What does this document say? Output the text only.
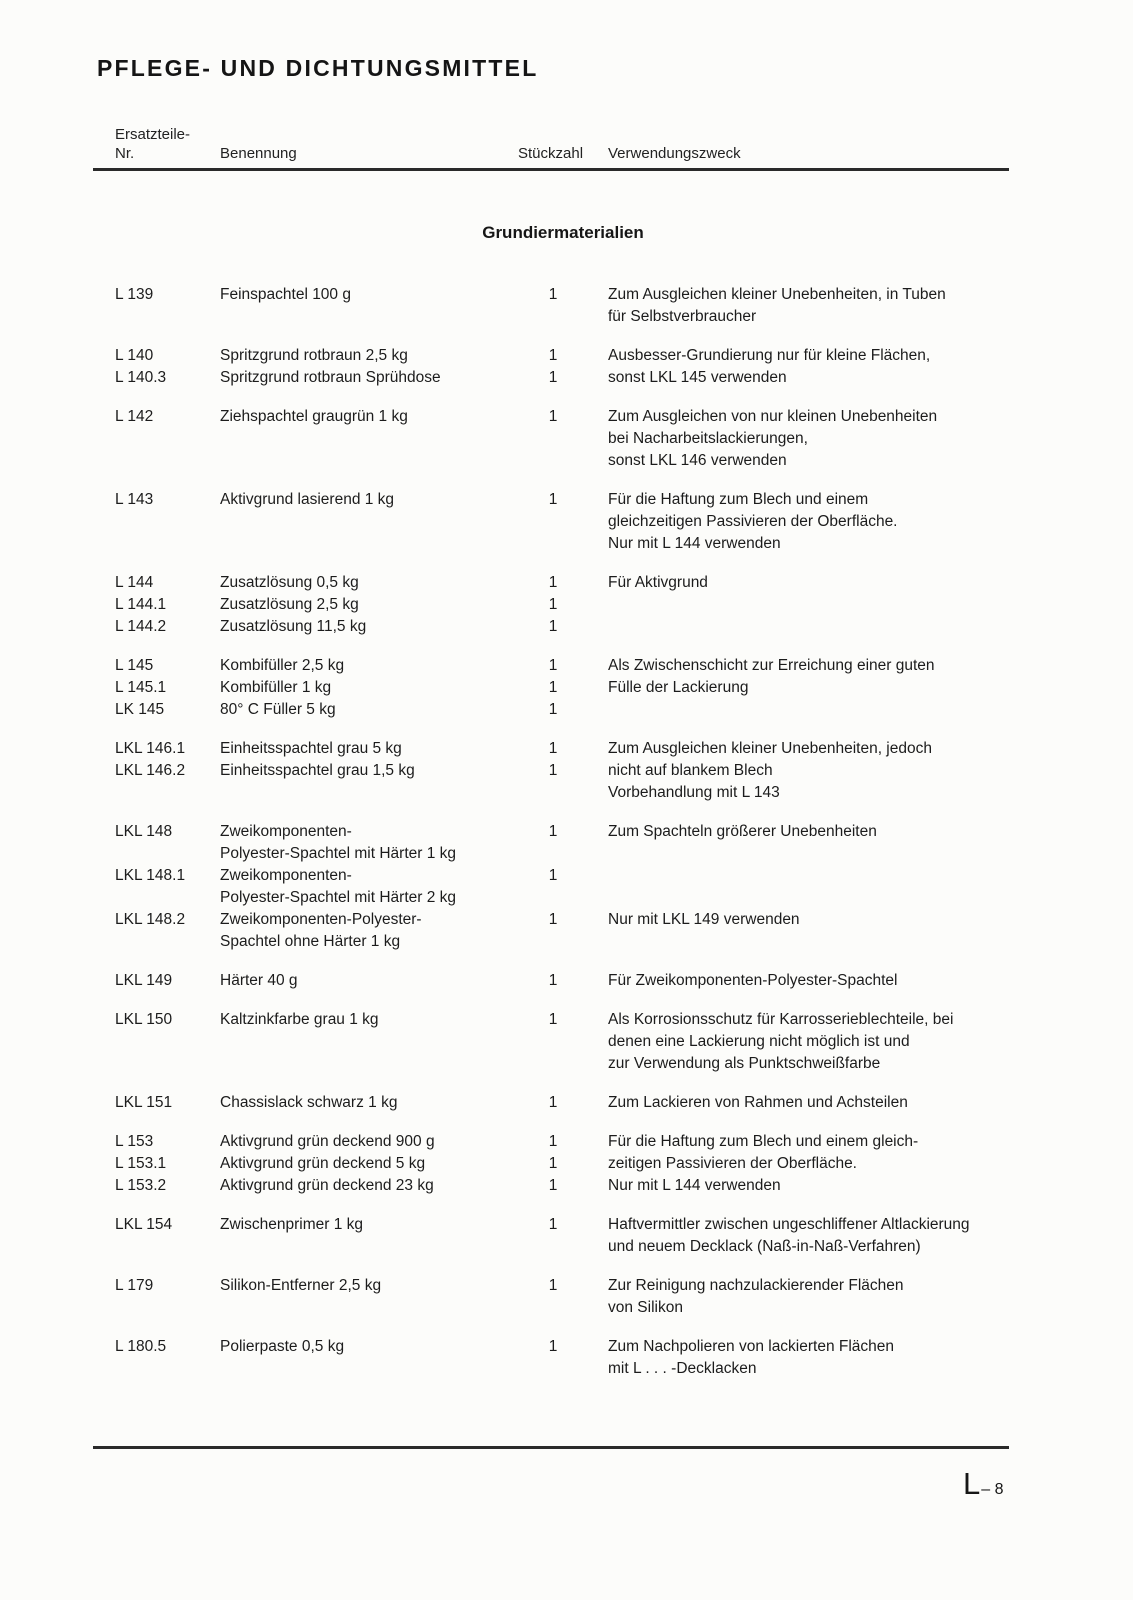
PFLEGE- UND DICHTUNGSMITTEL
Ersatzteile-
Nr.	Benennung	Stückzahl Verwendungszweck
Grundiermaterialien
L 139	Feinspachtel 100 g	1	Zum Ausgleichen kleiner Unebenheiten, in Tuben
für Selbstverbraucher
L 140	Spritzgrund rotbraun 2,5 kg	1	Ausbesser-Grundierung nur für kleine Flächen,
L 140.3	Spritzgrund rotbraun Sprühdose	1	sonst LKL 145 verwenden
L 142	Ziehspachtel graugrün 1 kg	1	Zum Ausgleichen von nur kleinen Unebenheiten
bei Nacharbeitslackierungen,
sonst LKL 146 verwenden
L 143	Aktivgrund lasierend 1 kg	1	Für die Haftung zum Blech und einem
gleichzeitigen Passivieren der Oberfläche.
Nur mit L 144 verwenden
L 144	Zusatzlösung 0,5 kg	1	Für Aktivgrund
L 144.1	Zusatzlösung 2,5 kg	1
L 144.2	Zusatzlösung 11,5 kg	1
L 145	Kombifüller 2,5 kg	1	Als Zwischenschicht zur Erreichung einer guten
L 145.1	Kombifüller 1 kg	1	Fülle der Lackierung
LK 145	80° C Füller 5 kg	1
LKL 146.1	Einheitsspachtel grau 5 kg	1	Zum Ausgleichen kleiner Unebenheiten, jedoch
LKL 146.2	Einheitsspachtel grau 1,5 kg	1	nicht auf blankem Blech
Vorbehandlung mit L 143
LKL 148	Zweikomponenten-
Polyester-Spachtel mit Härter 1 kg
1	Zum Spachteln größerer Unebenheiten
LKL 148.1	Zweikomponenten-
Polyester-Spachtel mit Härter 2 kg
1
LKL 148.2	Zweikomponenten-Polyester-
Spachtel ohne Härter 1 kg
1	Nur mit LKL 149 verwenden
LKL 149	Härter 40 g	1	Für Zweikomponenten-Polyester-Spachtel
LKL 150	Kaltzinkfarbe grau 1 kg	1	Als Korrosionsschutz für Karrosserieblechteile, bei
denen eine Lackierung nicht möglich ist und
zur Verwendung als Punktschweißfarbe
LKL 151	Chassislack schwarz 1 kg	1	Zum Lackieren von Rahmen und Achsteilen
L 153	Aktivgrund grün deckend 900 g	1	Für die Haftung zum Blech und einem gleich-
L 153.1	Aktivgrund grün deckend 5 kg	1	zeitigen Passivieren der Oberfläche.
L 153.2	Aktivgrund grün deckend 23 kg	1	Nur mit L 144 verwenden
LKL 154	Zwischenprimer 1 kg	1	Haftvermittler zwischen ungeschliffener Altlackierung
und neuem Decklack (Naß-in-Naß-Verfahren)
L 179	Silikon-Entferner 2,5 kg	1	Zur Reinigung nachzulackierender Flächen
von Silikon
L 180.5	Polierpaste 0,5 kg	1	Zum Nachpolieren von lackierten Flächen
mit L . . . -Decklacken
L– 8
